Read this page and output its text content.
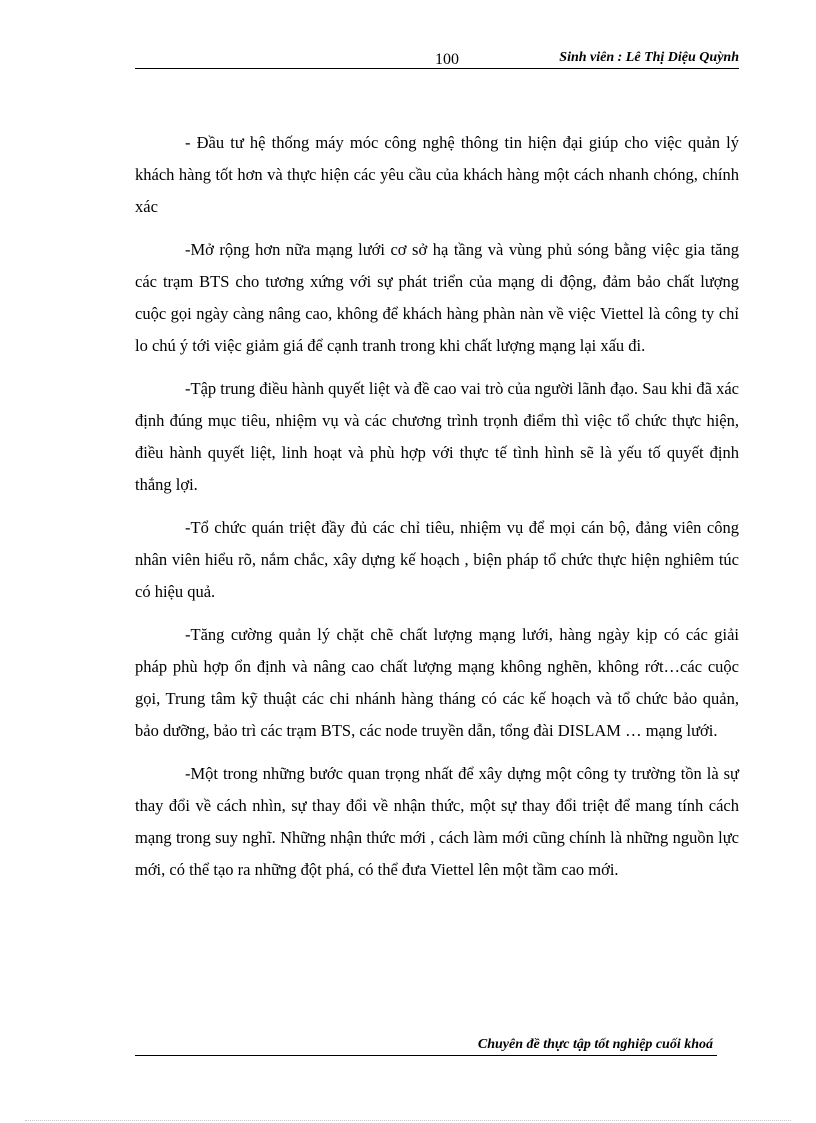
100	Sinh viên : Lê Thị Diệu Quỳnh

- Đầu tư hệ thống máy móc công nghệ thông tin hiện đại giúp cho việc quản lý khách hàng tốt hơn và thực hiện các yêu cầu của khách hàng một cách nhanh chóng, chính xác

-Mở rộng hơn nữa mạng lưới cơ sở hạ tầng và vùng phủ sóng bằng việc gia tăng các trạm BTS cho tương xứng với sự phát triển của mạng di động, đảm bảo chất lượng cuộc gọi ngày càng nâng cao, không để khách hàng phàn nàn về việc Viettel là công ty chỉ lo chú ý tới việc giảm giá để cạnh tranh trong khi chất lượng mạng lại xấu đi.

-Tập trung điều hành quyết liệt và đề cao vai trò của người lãnh đạo. Sau khi đã xác định đúng mục tiêu, nhiệm vụ và các chương trình trọnh điểm thì việc tổ chức thực hiện, điều hành quyết liệt, linh hoạt và phù hợp với thực tế tình hình sẽ là yếu tố quyết định thắng lợi.

-Tổ chức quán triệt đầy đủ các chỉ tiêu, nhiệm vụ để mọi cán bộ, đảng viên công nhân viên hiểu rõ, nắm chắc, xây dựng kế hoạch , biện pháp tổ chức thực hiện nghiêm túc có hiệu quả.

-Tăng cường quản lý chặt chẽ chất lượng mạng lưới, hàng ngày kịp có các giải pháp phù hợp ổn định và nâng cao chất lượng mạng không nghẽn, không rớt…các cuộc gọi, Trung tâm kỹ thuật các chi nhánh hàng tháng có các kế hoạch và tổ chức bảo quản, bảo dưỡng, bảo trì các trạm BTS, các node truyền dẫn, tổng đài DISLAM … mạng lưới.

-Một trong những bước quan trọng nhất để xây dựng một công ty trường tồn là sự thay đổi về cách nhìn, sự thay đổi về nhận thức, một sự thay đổi triệt để mang tính cách mạng trong suy nghĩ. Những nhận thức mới , cách làm mới cũng chính là những nguồn lực mới, có thể tạo ra những đột phá, có thể đưa Viettel lên một tầm cao mới.

Chuyên đề thực tập tốt nghiệp cuối khoá
